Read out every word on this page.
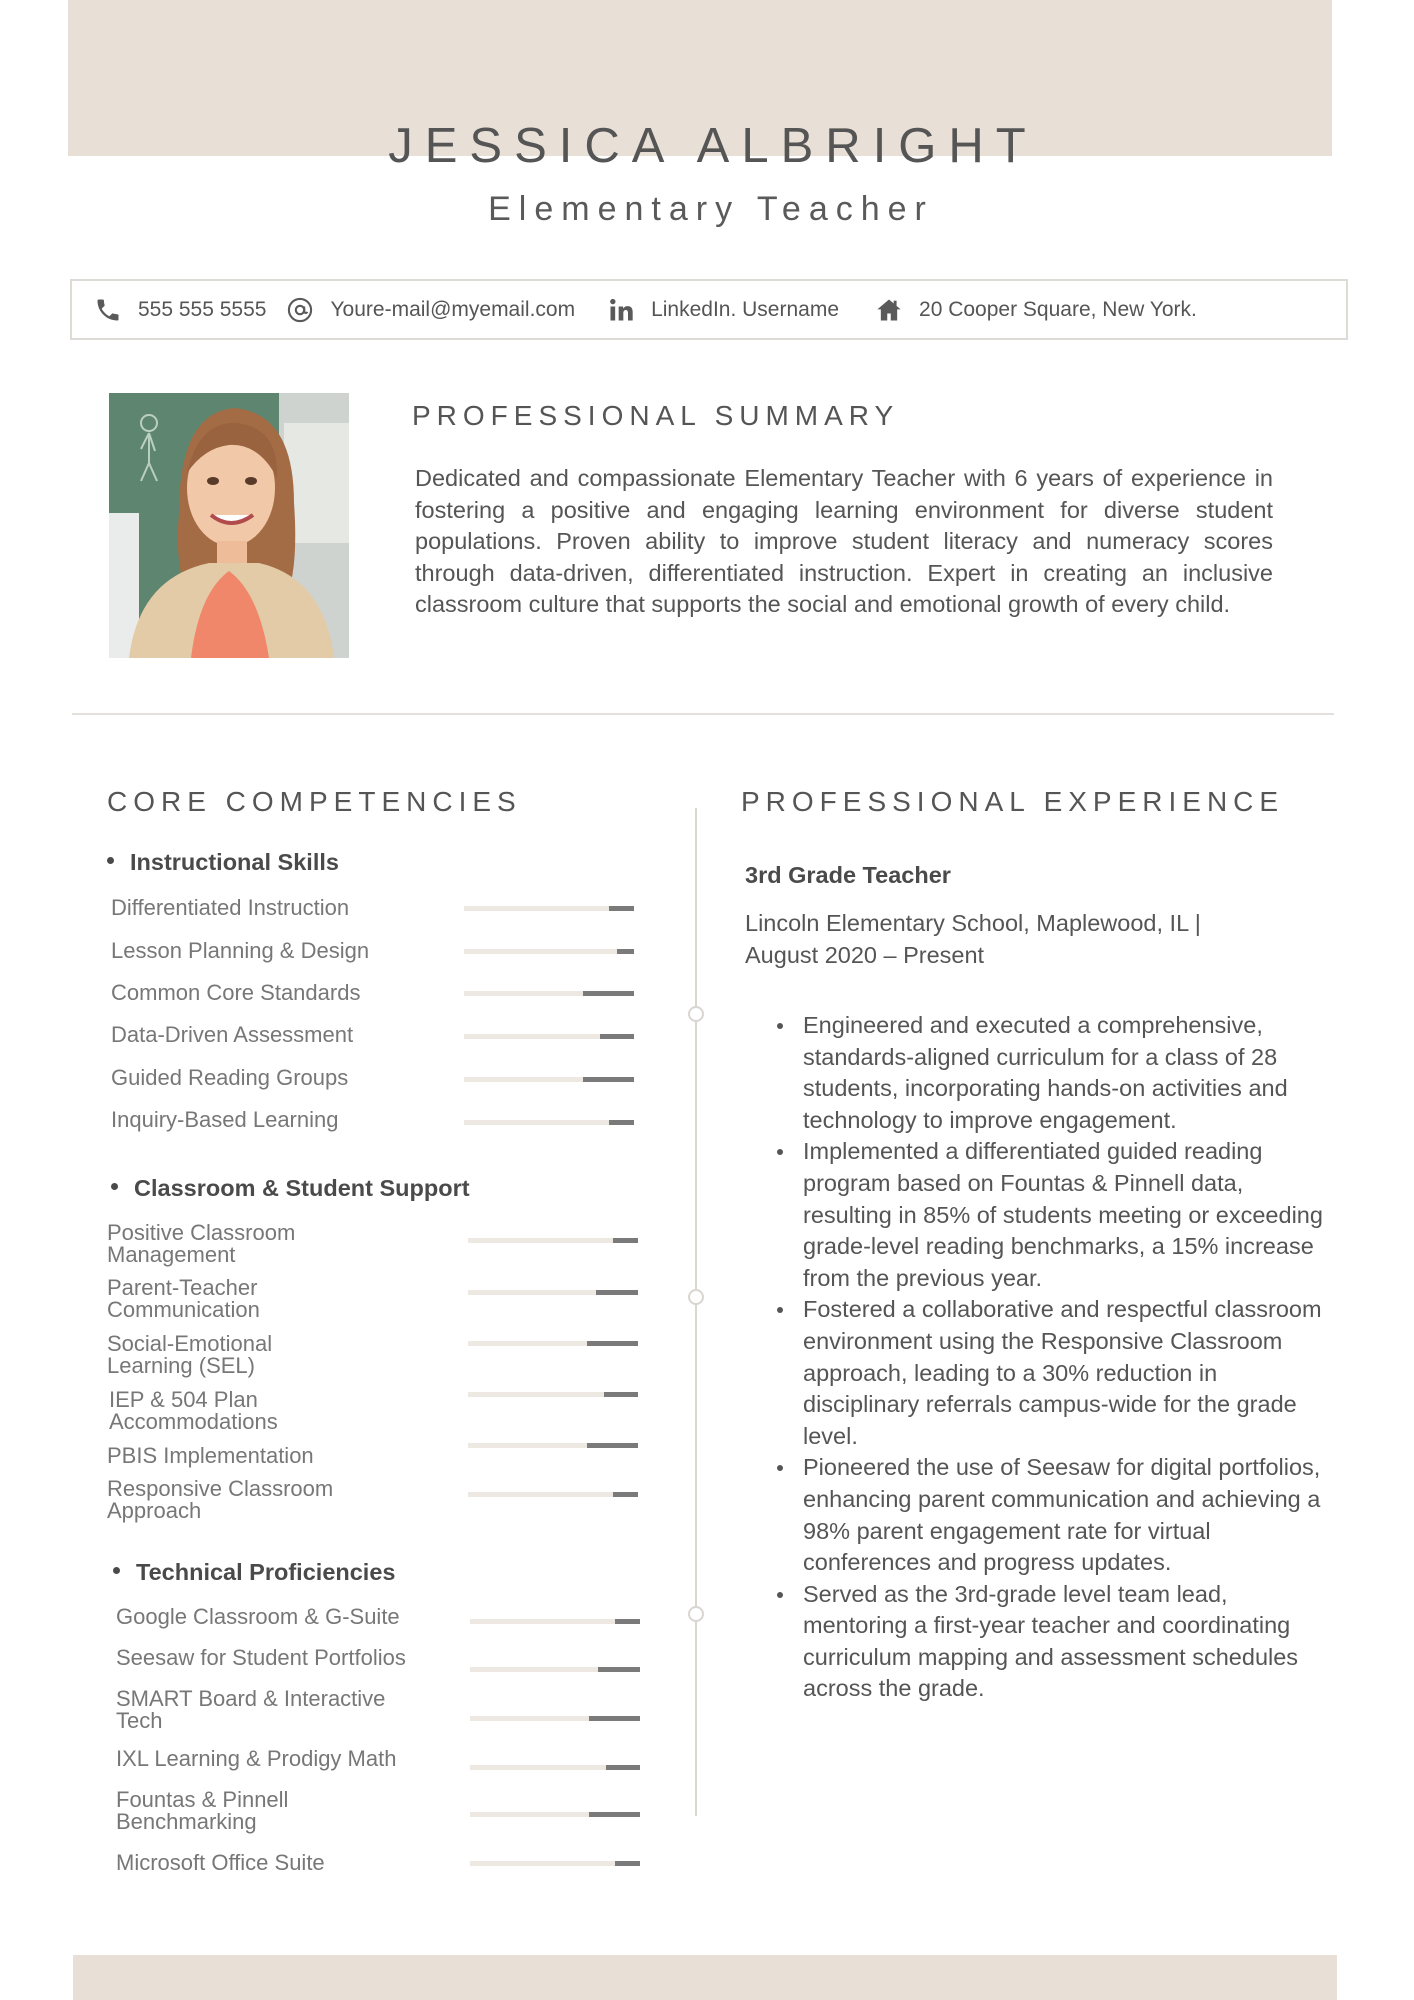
JESSICA ALBRIGHT
Elementary Teacher
555 555 5555	Youre-mail@myemail.com	LinkedIn. Username	20 Cooper Square, New York.
PROFESSIONAL SUMMARY
Dedicated and compassionate Elementary Teacher with 6 years of experience in fostering a positive and engaging learning environment for diverse student populations. Proven ability to improve student literacy and numeracy scores through data-driven, differentiated instruction. Expert in creating an inclusive classroom culture that supports the social and emotional growth of every child.
CORE COMPETENCIES	PROFESSIONAL EXPERIENCE
Instructional Skills
Differentiated Instruction
Lesson Planning & Design
Common Core Standards
Data-Driven Assessment
Guided Reading Groups
Inquiry-Based Learning
Classroom & Student Support
Positive Classroom Management
Parent-Teacher Communication
Social-Emotional Learning (SEL)
IEP & 504 Plan Accommodations
PBIS Implementation
Responsive Classroom Approach
Technical Proficiencies
Google Classroom & G-Suite
Seesaw for Student Portfolios
SMART Board & Interactive Tech
IXL Learning & Prodigy Math
Fountas & Pinnell Benchmarking
Microsoft Office Suite
3rd Grade Teacher
Lincoln Elementary School, Maplewood, IL |
August 2020 – Present
Engineered and executed a comprehensive, standards-aligned curriculum for a class of 28 students, incorporating hands-on activities and technology to improve engagement.
Implemented a differentiated guided reading program based on Fountas & Pinnell data, resulting in 85% of students meeting or exceeding grade-level reading benchmarks, a 15% increase from the previous year.
Fostered a collaborative and respectful classroom environment using the Responsive Classroom approach, leading to a 30% reduction in disciplinary referrals campus-wide for the grade level.
Pioneered the use of Seesaw for digital portfolios, enhancing parent communication and achieving a 98% parent engagement rate for virtual conferences and progress updates.
Served as the 3rd-grade level team lead, mentoring a first-year teacher and coordinating curriculum mapping and assessment schedules across the grade.
